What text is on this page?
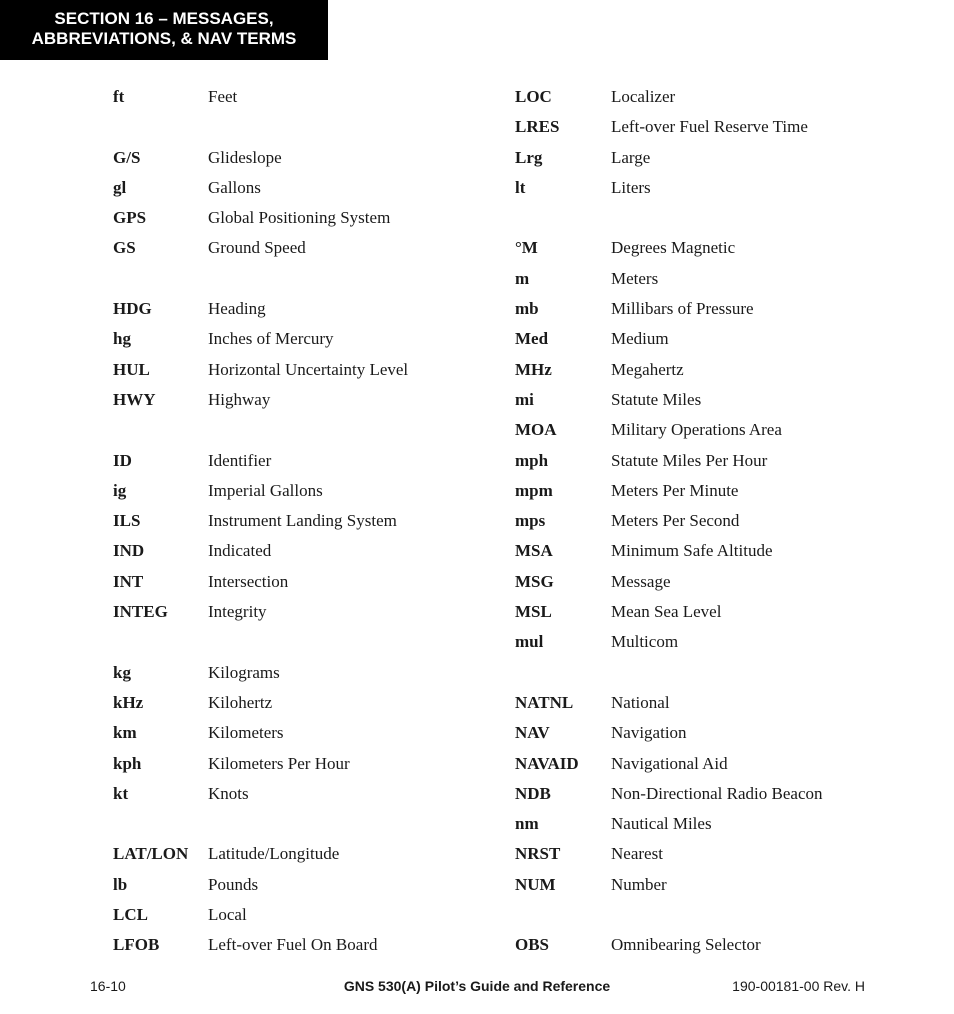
SECTION 16 – MESSAGES,
ABBREVIATIONS, & NAV TERMS
ft	Feet
G/S	Glideslope
gl	Gallons
GPS	Global Positioning System
GS	Ground Speed
HDG	Heading
hg	Inches of Mercury
HUL	Horizontal Uncertainty Level
HWY	Highway
ID	Identifier
ig	Imperial Gallons
ILS	Instrument Landing System
IND	Indicated
INT	Intersection
INTEG Integrity
kg	Kilograms
kHz	Kilohertz
km	Kilometers
kph	Kilometers Per Hour
kt	Knots
LAT/LON Latitude/Longitude
lb	Pounds
LCL	Local
LFOB	Left-over Fuel On Board
LOC	Localizer
LRES	Left-over Fuel Reserve Time
Lrg	Large
lt	Liters
°M	Degrees Magnetic
m	Meters
mb	Millibars of Pressure
Med	Medium
MHz	Megahertz
mi	Statute Miles
MOA	Military Operations Area
mph	Statute Miles Per Hour
mpm	Meters Per Minute
mps	Meters Per Second
MSA	Minimum Safe Altitude
MSG	Message
MSL	Mean Sea Level
mul	Multicom
NATNL National
NAV	Navigation
NAVAID Navigational Aid
NDB	Non-Directional Radio Beacon
nm	Nautical Miles
NRST	Nearest
NUM	Number
OBS	Omnibearing Selector
16-10	GNS 530(A) Pilot’s Guide and Reference	190-00181-00 Rev. H
